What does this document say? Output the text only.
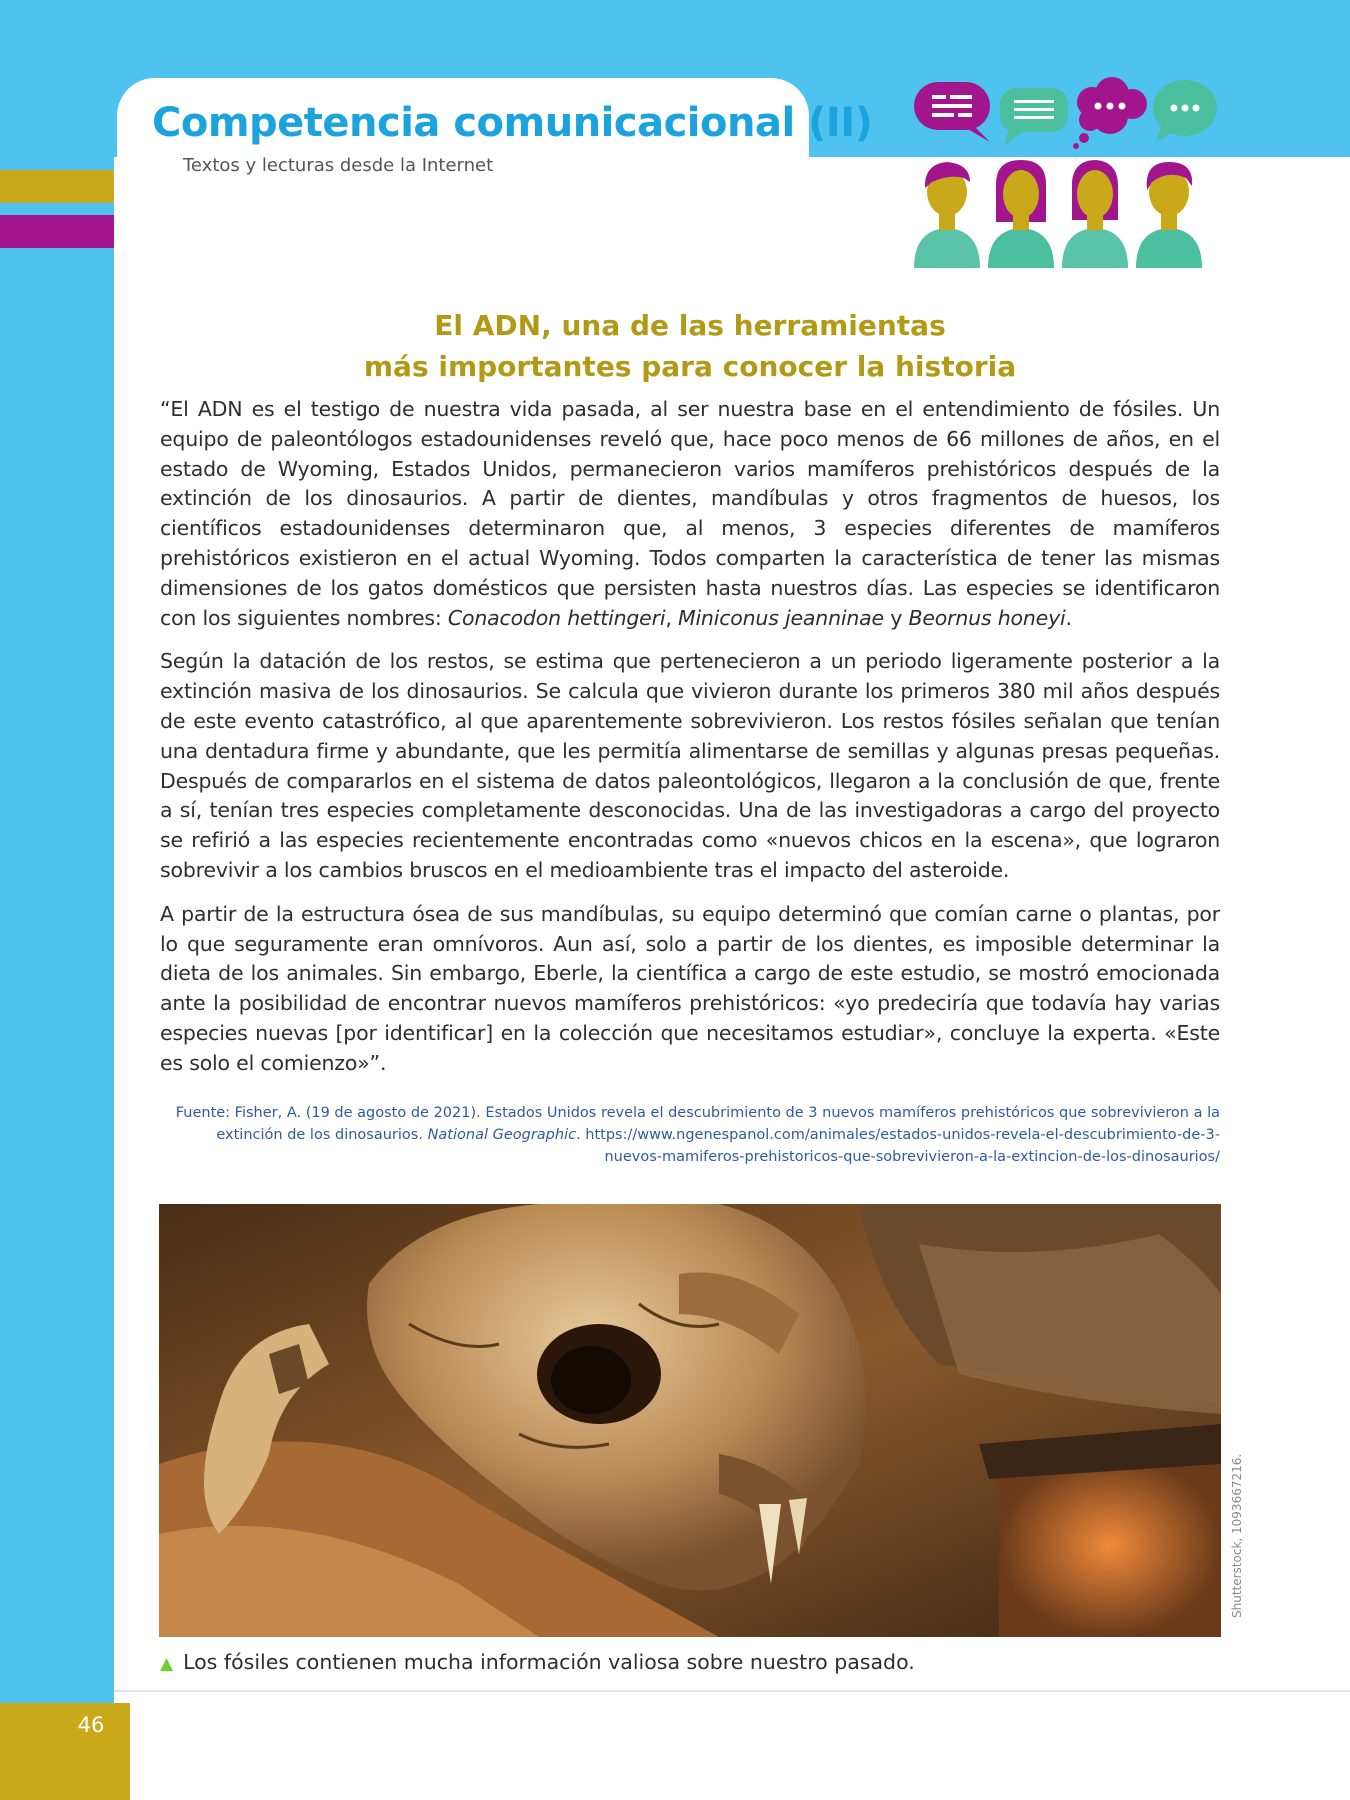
Competencia comunicacional (II)
Textos y lecturas desde la Internet
El ADN, una de las herramientas
más importantes para conocer la historia

“El ADN es el testigo de nuestra vida pasada, al ser nuestra base en el entendimiento de fósiles. Un equipo de paleontólogos estadounidenses reveló que, hace poco menos de 66 millones de años, en el estado de Wyoming, Estados Unidos, permanecieron varios mamíferos prehistóricos después de la extinción de los dinosaurios. A partir de dientes, mandíbulas y otros fragmentos de huesos, los científicos estadounidenses determinaron que, al menos, 3 especies diferentes de mamíferos prehistóricos existieron en el actual Wyoming. Todos comparten la característica de tener las mismas dimensiones de los gatos domésticos que persisten hasta nuestros días. Las especies se identificaron con los siguientes nombres: Conacodon hettingeri, Miniconus jeanninae y Beornus honeyi.

Según la datación de los restos, se estima que pertenecieron a un periodo ligeramente posterior a la extinción masiva de los dinosaurios. Se calcula que vivieron durante los primeros 380 mil años después de este evento catastrófico, al que aparentemente sobrevivieron. Los restos fósiles señalan que tenían una dentadura firme y abundante, que les permitía alimentarse de semillas y algunas presas pequeñas. Después de compararlos en el sistema de datos paleontológicos, llegaron a la conclusión de que, frente a sí, tenían tres especies completamente desconocidas. Una de las investigadoras a cargo del proyecto se refirió a las especies recientemente encontradas como «nuevos chicos en la escena», que lograron sobrevivir a los cambios bruscos en el medioambiente tras el impacto del asteroide.

A partir de la estructura ósea de sus mandíbulas, su equipo determinó que comían carne o plantas, por lo que seguramente eran omnívoros. Aun así, solo a partir de los dientes, es imposible determinar la dieta de los animales. Sin embargo, Eberle, la científica a cargo de este estudio, se mostró emocionada ante la posibilidad de encontrar nuevos mamíferos prehistóricos: «yo predeciría que todavía hay varias especies nuevas [por identificar] en la colección que necesitamos estudiar», concluye la experta. «Este es solo el comienzo»”.

Fuente: Fisher, A. (19 de agosto de 2021). Estados Unidos revela el descubrimiento de 3 nuevos mamíferos prehistóricos que sobrevivieron a la extinción de los dinosaurios. National Geographic. https://www.ngenespanol.com/animales/estados-unidos-revela-el-descubrimiento-de-3-nuevos-mamiferos-prehistoricos-que-sobrevivieron-a-la-extincion-de-los-dinosaurios/
Shutterstock, 1093667216.
▲ Los fósiles contienen mucha información valiosa sobre nuestro pasado.
46
